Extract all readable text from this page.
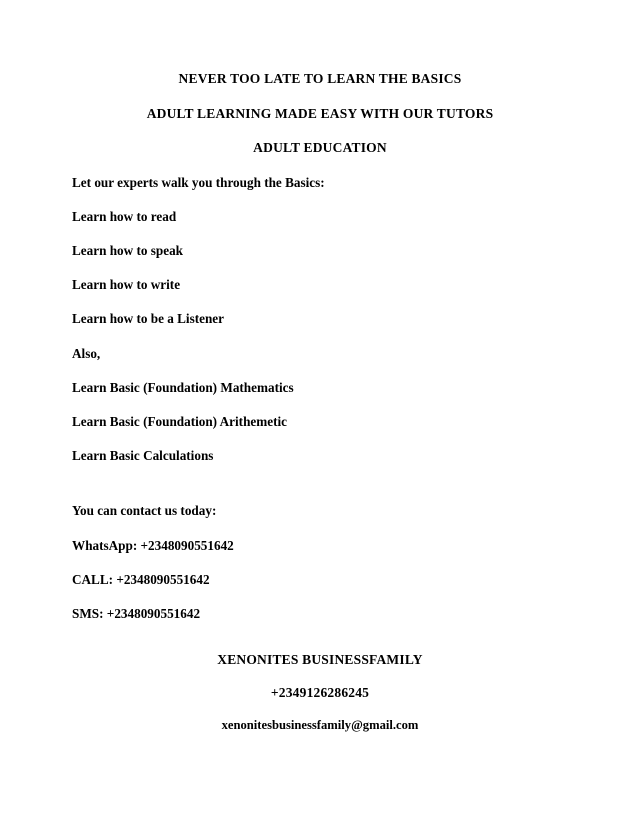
NEVER TOO LATE TO LEARN THE BASICS
ADULT LEARNING MADE EASY WITH OUR TUTORS
ADULT EDUCATION
Let our experts walk you through the Basics:
Learn how to read
Learn how to speak
Learn how to write
Learn how to be a Listener
Also,
Learn Basic (Foundation) Mathematics
Learn Basic (Foundation) Arithemetic
Learn Basic Calculations
You can contact us today:
WhatsApp: +2348090551642
CALL: +2348090551642
SMS: +2348090551642
XENONITES BUSINESSFAMILY
+2349126286245
xenonitesbusinessfamily@gmail.com
